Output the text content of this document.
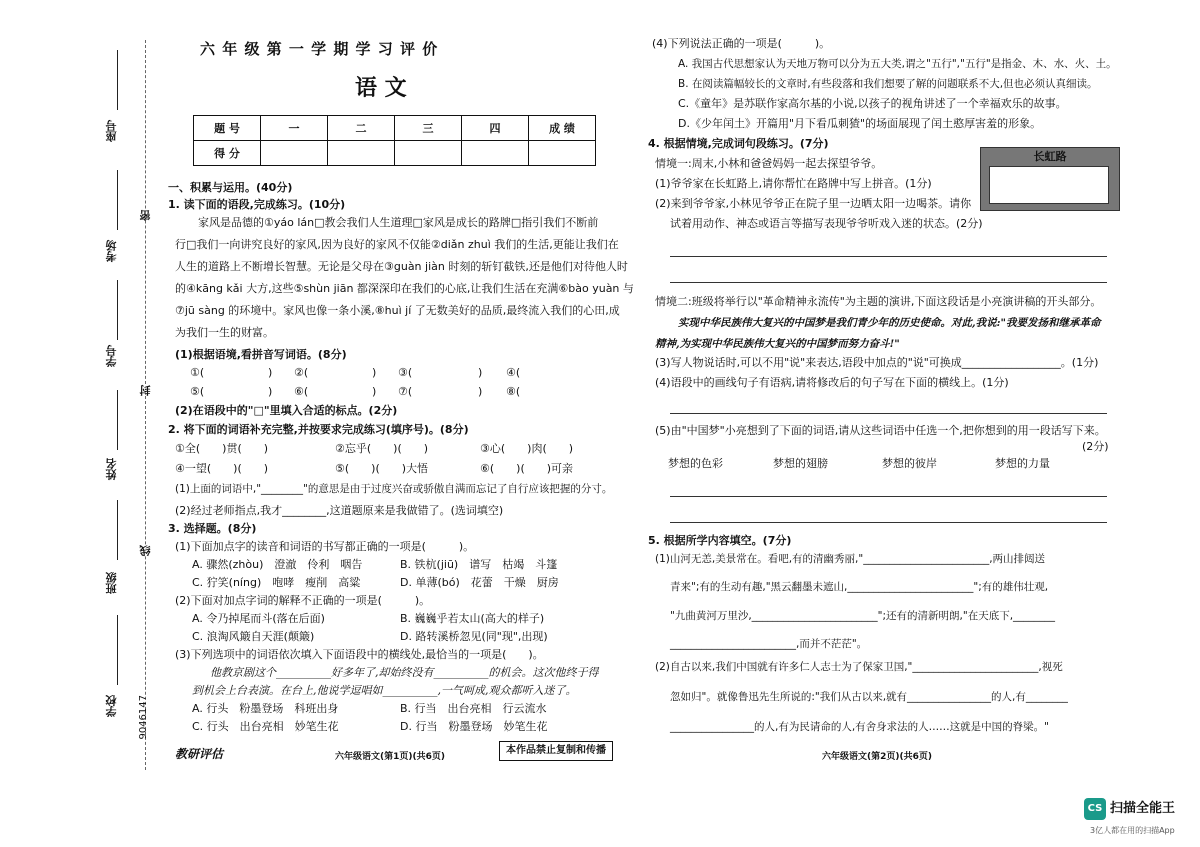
座号
考场
学号
姓名
班级
学校
密
封
线
9046147
六 年 级 第 一 学 期 学 习 评 价
语 文
题 号	一	二	三	四	成 绩
得 分					
一、积累与运用。(40分)
1. 读下面的语段,完成练习。(10分)
家风是品德的①yáo lán□教会我们人生道理□家风是成长的路牌□指引我们不断前
行□我们一向讲究良好的家风,因为良好的家风不仅能②diǎn zhuì 我们的生活,更能让我们在
人生的道路上不断增长智慧。无论是父母在③guàn jiàn 时刻的斩钉截铁,还是他们对待他人时
的④kāng kǎi 大方,这些⑤shùn jiān 都深深印在我们的心底,让我们生活在充满⑥bào yuàn 与
⑦jū sàng 的环境中。家风也像一条小溪,⑧huì jí 了无数美好的品质,最终流入我们的心田,成
为我们一生的财富。
(1)根据语境,看拼音写词语。(8分)
①(	) ②(	) ③(	) ④(
⑤(	) ⑥(	) ⑦(	) ⑧(
(2)在语段中的"□"里填入合适的标点。(2分)
2. 将下面的词语补充完整,并按要求完成练习(填序号)。(8分)
①全(　　)贯(　　)	②忘乎(　　)(　　)	③心(　　)肉(　　)
④一望(　　)(　　)	⑤(　　)(　　)大悟	⑥(　　)(　　)可亲
(1)上面的词语中,"________"的意思是由于过度兴奋或骄傲自满而忘记了自行应该把握的分寸。
(2)经过老师指点,我才________,这道题原来是我做错了。(选词填空)
3. 选择题。(8分)
(1)下面加点字的读音和词语的书写都正确的一项是(　　　)。
A. 骤然(zhòu)　澄澈　伶利　咽告	B. 铁杭(jiū)　谱写　枯竭　斗篷
C. 狞笑(níng)　咆哮　瘦削　高粱	D. 单薄(bó)　花蕾　干燥　厨房
(2)下面对加点字词的解释不正确的一项是(　　　)。
A. 令乃掉尾而斗(落在后面)	B. 巍巍乎若太山(高大的样子)
C. 浪淘风簸自天涯(颠簸)	D. 路转溪桥忽见(同"现",出现)
(3)下列选项中的词语依次填入下面语段中的横线处,最恰当的一项是(　　)。
他教京剧这个__________好多年了,却始终没有__________的机会。这次他终于得
到机会上台表演。在台上,他说学逗唱如__________,一气呵成,观众都听入迷了。
A. 行头　粉墨登场　科班出身	B. 行当　出台亮相　行云流水
C. 行头　出台亮相　妙笔生花	D. 行当　粉墨登场　妙笔生花
教研评估	六年级语文(第1页)(共6页)
本作品禁止复制和传播
(4)下列说法正确的一项是(　　　)。
A. 我国古代思想家认为天地万物可以分为五大类,谓之"五行","五行"是指金、木、水、火、土。
B. 在阅读篇幅较长的文章时,有些段落和我们想要了解的问题联系不大,但也必须认真细读。
C.《童年》是苏联作家高尔基的小说,以孩子的视角讲述了一个幸福欢乐的故事。
D.《少年闰土》开篇用"月下看瓜刺猹"的场面展现了闰土憨厚害羞的形象。
4. 根据情境,完成词句段练习。(7分)
情境一:周末,小林和爸爸妈妈一起去探望爷爷。
(1)爷爷家在长虹路上,请你帮忙在路牌中写上拼音。(1分)
(2)来到爷爷家,小林见爷爷正在院子里一边晒太阳一边喝茶。请你
试着用动作、神态或语言等描写表现爷爷听戏入迷的状态。(2分)
长虹路
情境二:班级将举行以"革命精神永流传"为主题的演讲,下面这段话是小亮演讲稿的开头部分。
实现中华民族伟大复兴的中国梦是我们青少年的历史使命。对此,我说:"我要发扬和继承革命
精神,为实现中华民族伟大复兴的中国梦而努力奋斗!"
(3)写人物说话时,可以不用"说"来表达,语段中加点的"说"可换成__________________。(1分)
(4)语段中的画线句子有语病,请将修改后的句子写在下面的横线上。(1分)
(5)由"中国梦"小亮想到了下面的词语,请从这些词语中任选一个,把你想到的用一段话写下来。
(2分)
梦想的色彩	梦想的翅膀	梦想的彼岸	梦想的力量
5. 根据所学内容填空。(7分)
(1)山河无恙,美景常在。看吧,有的清幽秀丽,"________________________,两山排闼送
青来";有的生动有趣,"黑云翻墨未遮山,________________________";有的雄伟壮观,
"九曲黄河万里沙,________________________";还有的清新明朗,"在天底下,________
________________________,而并不茫茫"。
(2)自古以来,我们中国就有许多仁人志士为了保家卫国,"________________________,视死
忽如归"。就像鲁迅先生所说的:"我们从古以来,就有________________的人,有________
________________的人,有为民请命的人,有舍身求法的人……这就是中国的脊梁。"
六年级语文(第2页)(共6页)
CS 扫描全能王
3亿人都在用的扫描App
